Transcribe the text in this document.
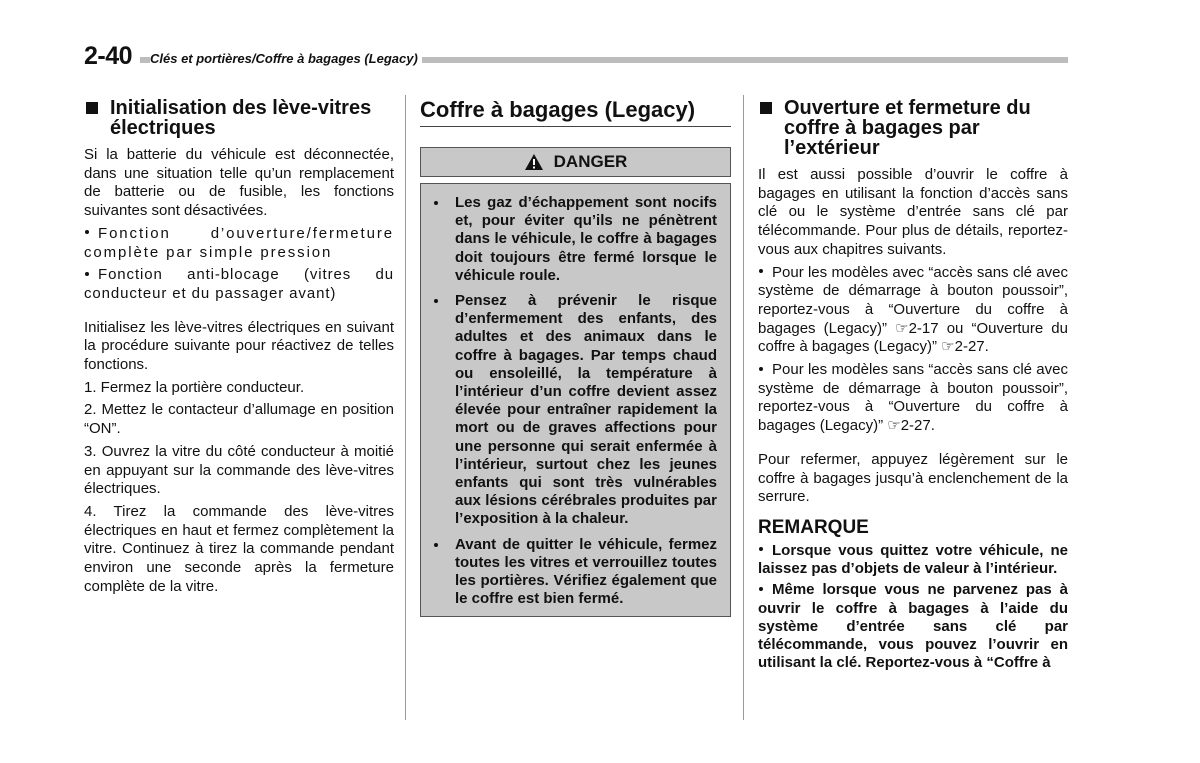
2-40 Clés et portières/Coffre à bagages (Legacy)
Initialisation des lève-vitres électriques

Si la batterie du véhicule est déconnectée, dans une situation telle qu’un remplacement de batterie ou de fusible, les fonctions suivantes sont désactivées.

Fonction d’ouverture/fermeture complète par simple pression

Fonction anti-blocage (vitres du conducteur et du passager avant)

Initialisez les lève-vitres électriques en suivant la procédure suivante pour réactivez de telles fonctions.

1. Fermez la portière conducteur.

2. Mettez le contacteur d’allumage en position “ON”.

3. Ouvrez la vitre du côté conducteur à moitié en appuyant sur la commande des lève-vitres électriques.

4. Tirez la commande des lève-vitres électriques en haut et fermez complètement la vitre. Continuez à tirez la commande pendant environ une seconde après la fermeture complète de la vitre.

Coffre à bagages (Legacy)
DANGER
Les gaz d’échappement sont nocifs et, pour éviter qu’ils ne pénètrent dans le véhicule, le coffre à bagages doit toujours être fermé lorsque le véhicule roule.
Pensez à prévenir le risque d’enfermement des enfants, des adultes et des animaux dans le coffre à bagages. Par temps chaud ou ensoleillé, la température à l’intérieur d’un coffre devient assez élevée pour entraîner rapidement la mort ou de graves affections pour une personne qui serait enfermée à l’intérieur, surtout chez les jeunes enfants qui sont très vulnérables aux lésions cérébrales produites par l’exposition à la chaleur.
Avant de quitter le véhicule, fermez toutes les vitres et verrouillez toutes les portières. Vérifiez également que le coffre est bien fermé.
Ouverture et fermeture du coffre à bagages par l’extérieur

Il est aussi possible d’ouvrir le coffre à bagages en utilisant la fonction d’accès sans clé ou le système d’entrée sans clé par télécommande. Pour plus de détails, reportez-vous aux chapitres suivants.

Pour les modèles avec “accès sans clé avec système de démarrage à bouton poussoir”, reportez-vous à “Ouverture du coffre à bagages (Legacy)” ☞2-17 ou “Ouverture du coffre à bagages (Legacy)” ☞2-27.

Pour les modèles sans “accès sans clé avec système de démarrage à bouton poussoir”, reportez-vous à “Ouverture du coffre à bagages (Legacy)” ☞2-27.

Pour refermer, appuyez légèrement sur le coffre à bagages jusqu’à enclenchement de la serrure.

REMARQUE

Lorsque vous quittez votre véhicule, ne laissez pas d’objets de valeur à l’intérieur.

Même lorsque vous ne parvenez pas à ouvrir le coffre à bagages à l’aide du système d’entrée sans clé par télécommande, vous pouvez l’ouvrir en utilisant la clé. Reportez-vous à “Coffre à
